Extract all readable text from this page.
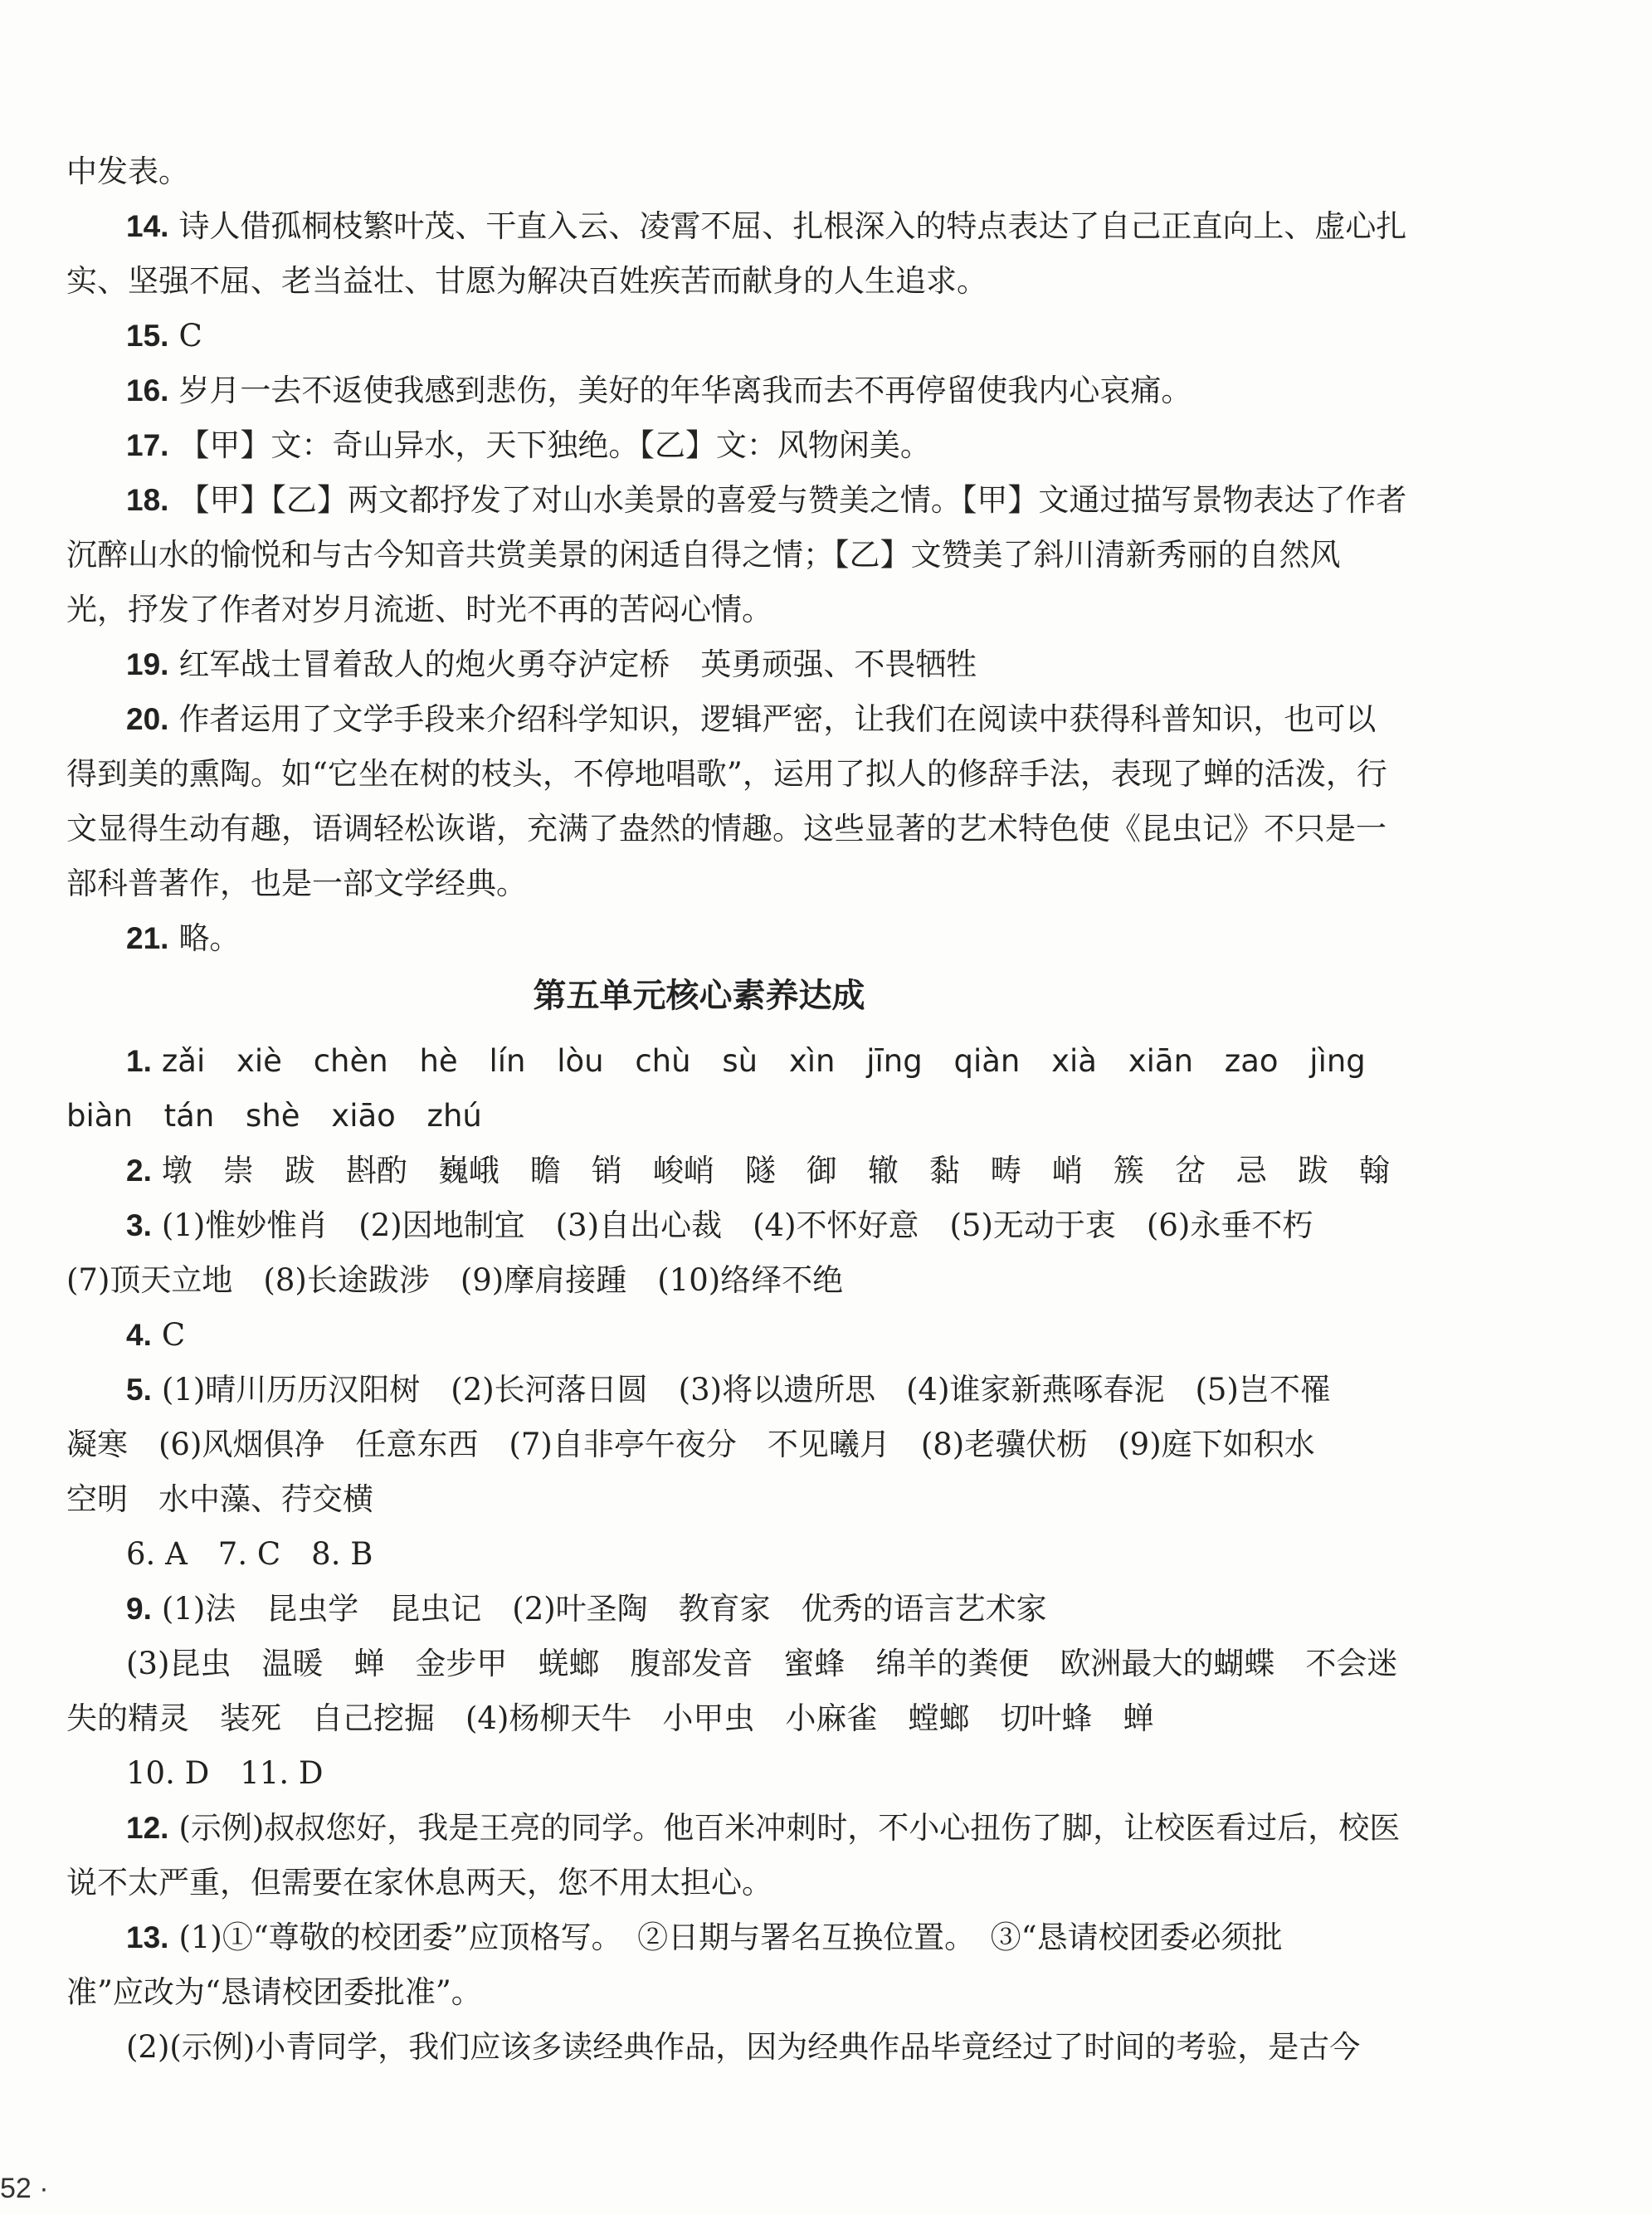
中发表。
14. 诗人借孤桐枝繁叶茂、干直入云、凌霄不屈、扎根深入的特点表达了自己正直向上、虚心扎
实、坚强不屈、老当益壮、甘愿为解决百姓疾苦而献身的人生追求。
15. C
16. 岁月一去不返使我感到悲伤，美好的年华离我而去不再停留使我内心哀痛。
17. 【甲】文：奇山异水，天下独绝。【乙】文：风物闲美。
18. 【甲】【乙】两文都抒发了对山水美景的喜爱与赞美之情。【甲】文通过描写景物表达了作者
沉醉山水的愉悦和与古今知音共赏美景的闲适自得之情；【乙】文赞美了斜川清新秀丽的自然风
光，抒发了作者对岁月流逝、时光不再的苦闷心情。
19. 红军战士冒着敌人的炮火勇夺泸定桥　英勇顽强、不畏牺牲
20. 作者运用了文学手段来介绍科学知识，逻辑严密，让我们在阅读中获得科普知识，也可以
得到美的熏陶。如“它坐在树的枝头，不停地唱歌”，运用了拟人的修辞手法，表现了蝉的活泼，行
文显得生动有趣，语调轻松诙谐，充满了盎然的情趣。这些显著的艺术特色使《昆虫记》不只是一
部科普著作，也是一部文学经典。
21. 略。
第五单元核心素养达成
1. zǎi xiè chèn hè lín lòu chù sù xìn jīng qiàn xià xiān zao jìng
biàn tán shè xiāo zhú
2. 墩　崇　跋　斟酌　巍峨　瞻　销　峻峭　隧　御　辙　黏　畴　峭　簇　岔　忌　跋　翰
3. (1)惟妙惟肖　(2)因地制宜　(3)自出心裁　(4)不怀好意　(5)无动于衷　(6)永垂不朽
(7)顶天立地　(8)长途跋涉　(9)摩肩接踵　(10)络绎不绝
4. C
5. (1)晴川历历汉阳树　(2)长河落日圆　(3)将以遗所思　(4)谁家新燕啄春泥　(5)岂不罹
凝寒　(6)风烟俱净　任意东西　(7)自非亭午夜分　不见曦月　(8)老骥伏枥　(9)庭下如积水
空明　水中藻、荇交横
6. A　7. C　8. B
9. (1)法　昆虫学　昆虫记　(2)叶圣陶　教育家　优秀的语言艺术家
(3)昆虫　温暖　蝉　金步甲　蜣螂　腹部发音　蜜蜂　绵羊的粪便　欧洲最大的蝴蝶　不会迷
失的精灵　装死　自己挖掘　(4)杨柳天牛　小甲虫　小麻雀　螳螂　切叶蜂　蝉
10. D　11. D
12. (示例)叔叔您好，我是王亮的同学。他百米冲刺时，不小心扭伤了脚，让校医看过后，校医
说不太严重，但需要在家休息两天，您不用太担心。
13. (1)①“尊敬的校团委”应顶格写。　②日期与署名互换位置。　③“恳请校团委必须批
准”应改为“恳请校团委批准”。
(2)(示例)小青同学，我们应该多读经典作品，因为经典作品毕竟经过了时间的考验，是古今
52 ·
